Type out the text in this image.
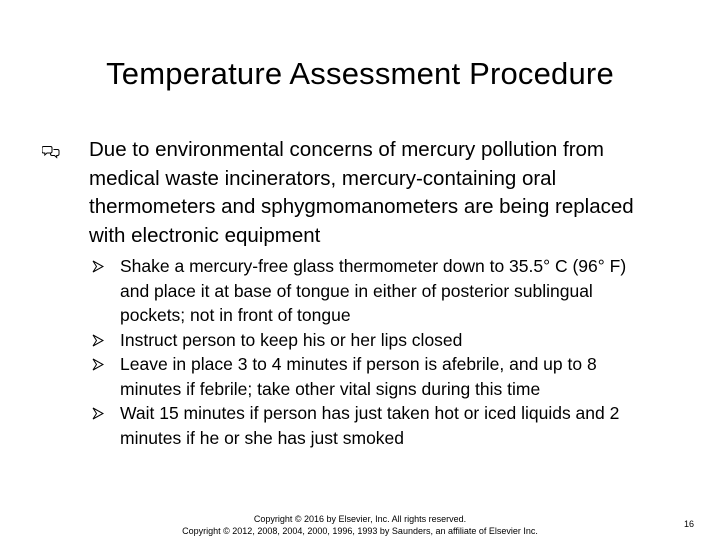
Temperature Assessment Procedure
Due to environmental concerns of mercury pollution from medical waste incinerators, mercury-containing oral thermometers and sphygmomanometers are being replaced with electronic equipment
Shake a mercury-free glass thermometer down to 35.5° C (96° F) and place it at base of tongue in either of posterior sublingual pockets; not in front of tongue
Instruct person to keep his or her lips closed
Leave in place 3 to 4 minutes if person is afebrile, and up to 8 minutes if febrile; take other vital signs during this time
Wait 15 minutes if person has just taken hot or iced liquids and 2 minutes if he or she has just smoked
Copyright © 2016 by Elsevier, Inc. All rights reserved.
Copyright © 2012, 2008, 2004, 2000, 1996, 1993 by Saunders, an affiliate of Elsevier Inc.
16
